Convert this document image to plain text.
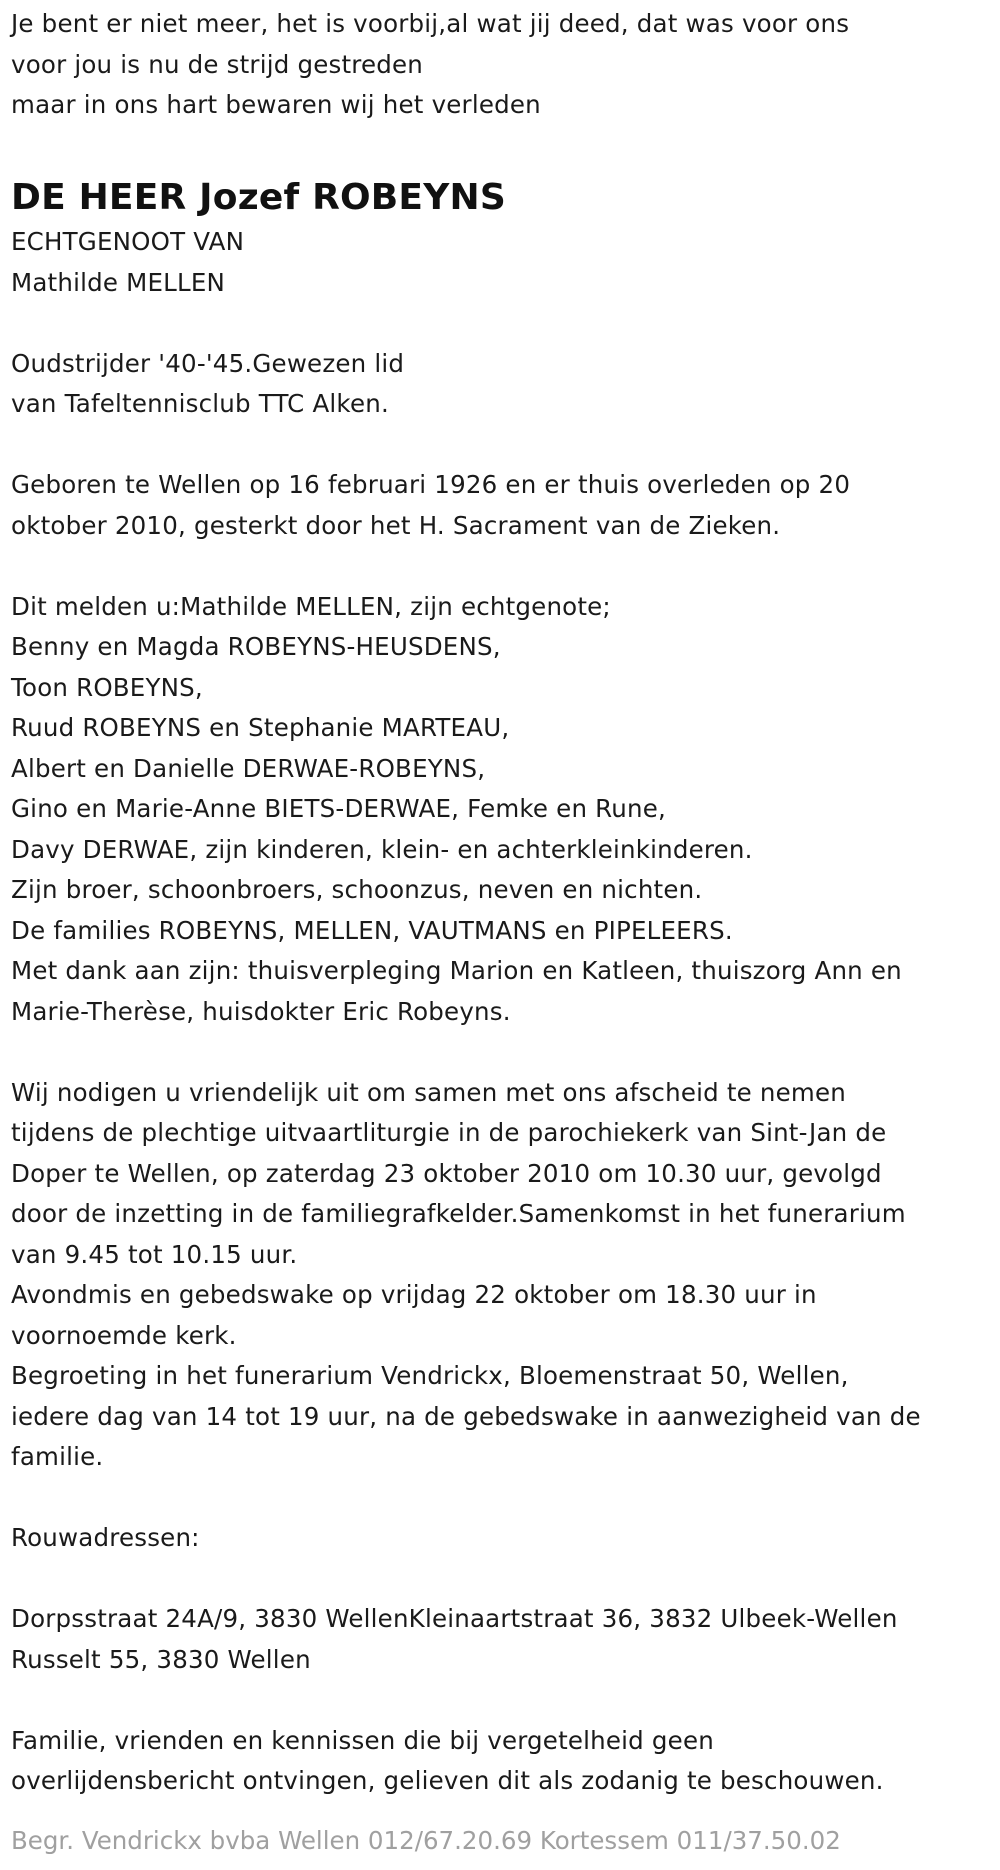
Je bent er niet meer, het is voorbij,al wat jij deed, dat was voor ons
voor jou is nu de strijd gestreden
maar in ons hart bewaren wij het verleden
DE HEER Jozef ROBEYNS
ECHTGENOOT VAN
Mathilde MELLEN
Oudstrijder '40-'45.Gewezen lid
van Tafeltennisclub TTC Alken.
Geboren te Wellen op 16 februari 1926 en er thuis overleden op 20
oktober 2010, gesterkt door het H. Sacrament van de Zieken.
Dit melden u:Mathilde MELLEN, zijn echtgenote;
Benny en Magda ROBEYNS-HEUSDENS,
Toon ROBEYNS,
Ruud ROBEYNS en Stephanie MARTEAU,
Albert en Danielle DERWAE-ROBEYNS,
Gino en Marie-Anne BIETS-DERWAE, Femke en Rune,
Davy DERWAE, zijn kinderen, klein- en achterkleinkinderen.
Zijn broer, schoonbroers, schoonzus, neven en nichten.
De families ROBEYNS, MELLEN, VAUTMANS en PIPELEERS.
Met dank aan zijn: thuisverpleging Marion en Katleen, thuiszorg Ann en
Marie-Therèse, huisdokter Eric Robeyns.
Wij nodigen u vriendelijk uit om samen met ons afscheid te nemen
tijdens de plechtige uitvaartliturgie in de parochiekerk van Sint-Jan de
Doper te Wellen, op zaterdag 23 oktober 2010 om 10.30 uur, gevolgd
door de inzetting in de familiegrafkelder.Samenkomst in het funerarium
van 9.45 tot 10.15 uur.
Avondmis en gebedswake op vrijdag 22 oktober om 18.30 uur in
voornoemde kerk.
Begroeting in het funerarium Vendrickx, Bloemenstraat 50, Wellen,
iedere dag van 14 tot 19 uur, na de gebedswake in aanwezigheid van de
familie.
Rouwadressen:
Dorpsstraat 24A/9, 3830 WellenKleinaartstraat 36, 3832 Ulbeek-Wellen
Russelt 55, 3830 Wellen
Familie, vrienden en kennissen die bij vergetelheid geen
overlijdensbericht ontvingen, gelieven dit als zodanig te beschouwen.
Begr. Vendrickx bvba Wellen 012/67.20.69 Kortessem 011/37.50.02
